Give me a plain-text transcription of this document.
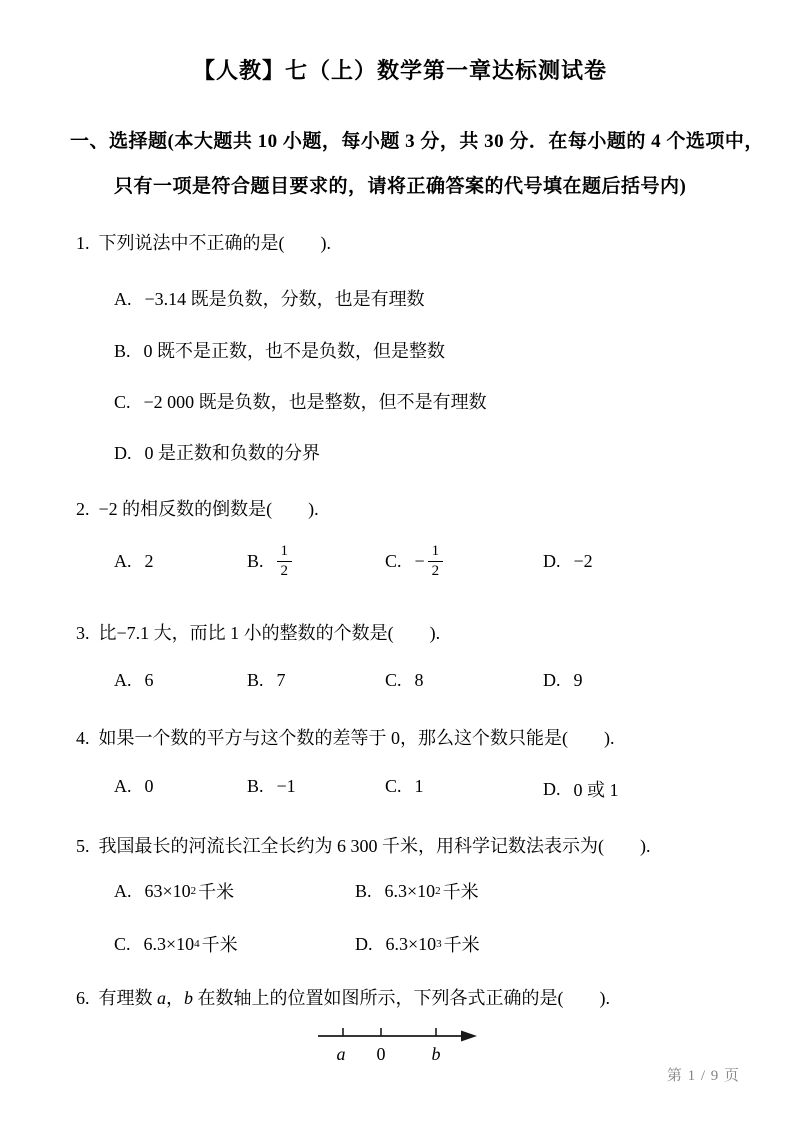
【人教】七（上）数学第一章达标测试卷
一、选择题(本大题共 10 小题，每小题 3 分，共 30 分．在每小题的 4 个选项中，
只有一项是符合题目要求的，请将正确答案的代号填在题后括号内)
1. 下列说法中不正确的是(　　).
A. −3.14 既是负数，分数，也是有理数
B. 0 既不是正数，也不是负数，但是整数
C. −2 000 既是负数，也是整数，但不是有理数
D. 0 是正数和负数的分界
2. −2 的相反数的倒数是(　　).
A. 2	B. $\frac{1}{2}$	C. − $\frac{1}{2}$	D. −2
3. 比−7.1 大，而比 1 小的整数的个数是(　　).
A. 6	B. 7	C. 8	D. 9
4. 如果一个数的平方与这个数的差等于 0，那么这个数只能是(　　).
A. 0	B. −1	C. 1	D. 0 或 1
5. 我国最长的河流长江全长约为 6 300 千米，用科学记数法表示为(　　).
A. 63×10 2 千米	B. 6.3×10 2 千米
C. 6.3×10 4 千米	D. 6.3×10 3 千米
6. 有理数 a，b 在数轴上的位置如图所示，下列各式正确的是(　　).
a 0	b
第 1 / 9 页
